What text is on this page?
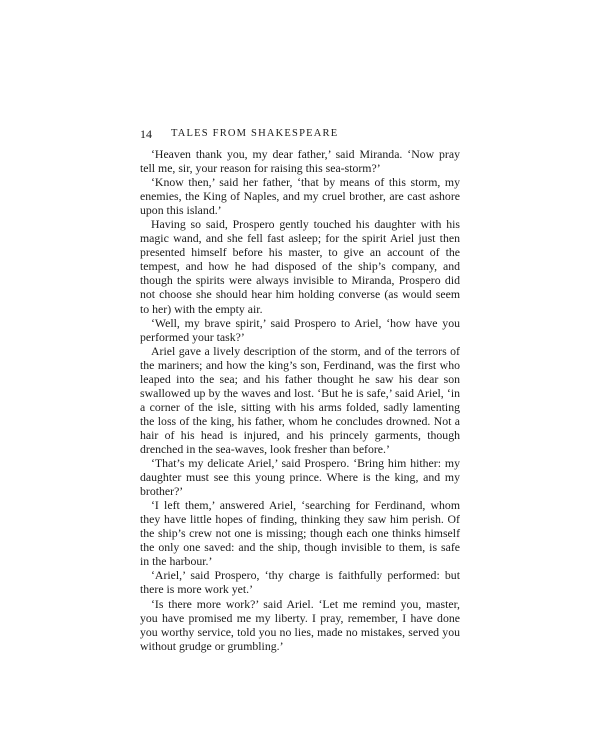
14 TALES FROM SHAKESPEARE

‘Heaven thank you, my dear father,’ said Miranda. ‘Now pray tell me, sir, your reason for raising this sea-storm?’

‘Know then,’ said her father, ‘that by means of this storm, my enemies, the King of Naples, and my cruel brother, are cast ashore upon this island.’

Having so said, Prospero gently touched his daughter with his magic wand, and she fell fast asleep; for the spirit Ariel just then presented himself before his master, to give an account of the tempest, and how he had disposed of the ship’s company, and though the spirits were always invisible to Miranda, Prospero did not choose she should hear him holding converse (as would seem to her) with the empty air.

‘Well, my brave spirit,’ said Prospero to Ariel, ‘how have you performed your task?’

Ariel gave a lively description of the storm, and of the terrors of the mariners; and how the king’s son, Ferdinand, was the first who leaped into the sea; and his father thought he saw his dear son swallowed up by the waves and lost. ‘But he is safe,’ said Ariel, ‘in a corner of the isle, sitting with his arms folded, sadly lamenting the loss of the king, his father, whom he concludes drowned. Not a hair of his head is injured, and his princely garments, though drenched in the sea-waves, look fresher than before.’

‘That’s my delicate Ariel,’ said Prospero. ‘Bring him hither: my daughter must see this young prince. Where is the king, and my brother?’

‘I left them,’ answered Ariel, ‘searching for Ferdinand, whom they have little hopes of finding, thinking they saw him perish. Of the ship’s crew not one is missing; though each one thinks himself the only one saved: and the ship, though invisible to them, is safe in the harbour.’

‘Ariel,’ said Prospero, ‘thy charge is faithfully performed: but there is more work yet.’

‘Is there more work?’ said Ariel. ‘Let me remind you, master, you have promised me my liberty. I pray, remember, I have done you worthy service, told you no lies, made no mistakes, served you without grudge or grumbling.’
